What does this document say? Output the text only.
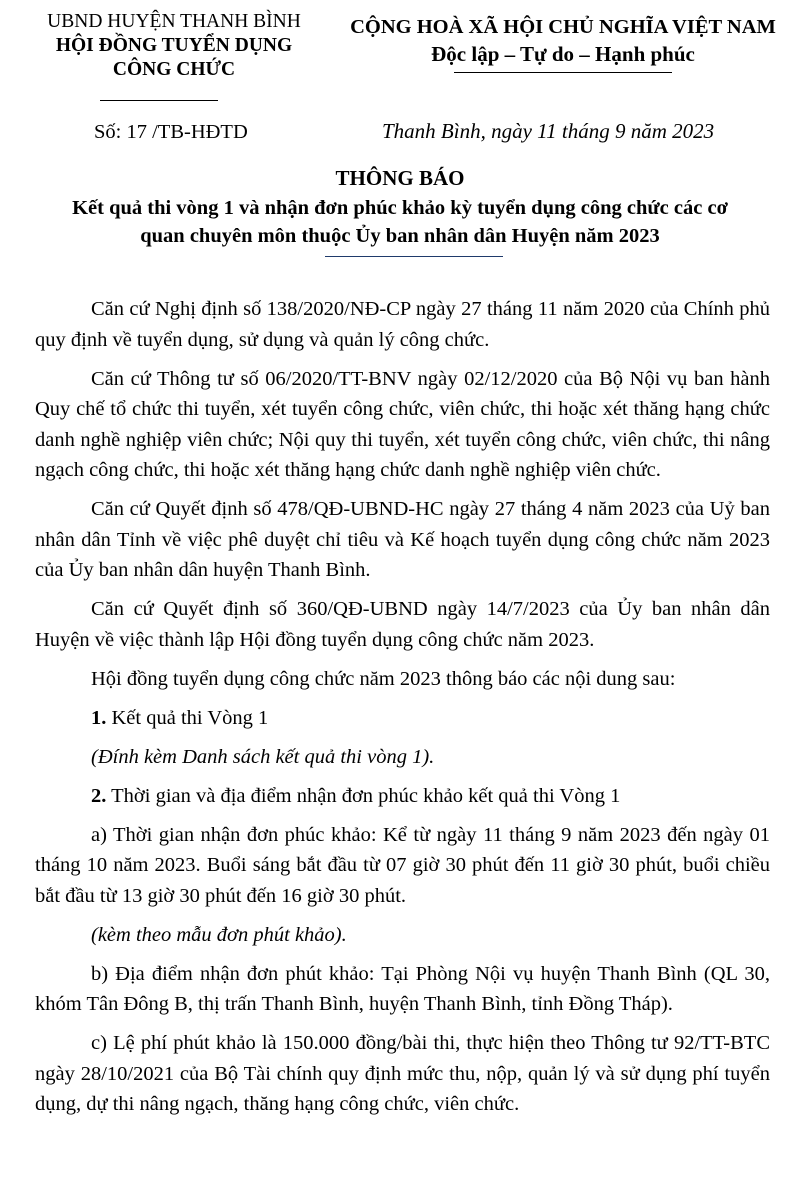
UBND HUYỆN THANH BÌNH
HỘI ĐỒNG TUYỂN DỤNG
CÔNG CHỨC
CỘNG HOÀ XÃ HỘI CHỦ NGHĨA VIỆT NAM
Độc lập – Tự do – Hạnh phúc
Số: 17 /TB-HĐTD	Thanh Bình, ngày 11 tháng 9 năm 2023
THÔNG BÁO
Kết quả thi vòng 1 và nhận đơn phúc khảo kỳ tuyển dụng công chức các cơ
quan chuyên môn thuộc Ủy ban nhân dân Huyện năm 2023

Căn cứ Nghị định số 138/2020/NĐ-CP ngày 27 tháng 11 năm 2020 của Chính phủ quy định về tuyển dụng, sử dụng và quản lý công chức.

Căn cứ Thông tư số 06/2020/TT-BNV ngày 02/12/2020 của Bộ Nội vụ ban hành Quy chế tổ chức thi tuyển, xét tuyển công chức, viên chức, thi hoặc xét thăng hạng chức danh nghề nghiệp viên chức; Nội quy thi tuyển, xét tuyển công chức, viên chức, thi nâng ngạch công chức, thi hoặc xét thăng hạng chức danh nghề nghiệp viên chức.

Căn cứ Quyết định số 478/QĐ-UBND-HC ngày 27 tháng 4 năm 2023 của Uỷ ban nhân dân Tỉnh về việc phê duyệt chỉ tiêu và Kế hoạch tuyển dụng công chức năm 2023 của Ủy ban nhân dân huyện Thanh Bình.

Căn cứ Quyết định số 360/QĐ-UBND ngày 14/7/2023 của Ủy ban nhân dân Huyện về việc thành lập Hội đồng tuyển dụng công chức năm 2023.

Hội đồng tuyển dụng công chức năm 2023 thông báo các nội dung sau:

1. Kết quả thi Vòng 1

(Đính kèm Danh sách kết quả thi vòng 1).

2. Thời gian và địa điểm nhận đơn phúc khảo kết quả thi Vòng 1

a) Thời gian nhận đơn phúc khảo: Kể từ ngày 11 tháng 9 năm 2023 đến ngày 01 tháng 10 năm 2023. Buổi sáng bắt đầu từ 07 giờ 30 phút đến 11 giờ 30 phút, buổi chiều bắt đầu từ 13 giờ 30 phút đến 16 giờ 30 phút.

(kèm theo mẫu đơn phút khảo).

b) Địa điểm nhận đơn phút khảo: Tại Phòng Nội vụ huyện Thanh Bình (QL 30, khóm Tân Đông B, thị trấn Thanh Bình, huyện Thanh Bình, tỉnh Đồng Tháp).

c) Lệ phí phút khảo là 150.000 đồng/bài thi, thực hiện theo Thông tư 92/TT-BTC ngày 28/10/2021 của Bộ Tài chính quy định mức thu, nộp, quản lý và sử dụng phí tuyển dụng, dự thi nâng ngạch, thăng hạng công chức, viên chức.
